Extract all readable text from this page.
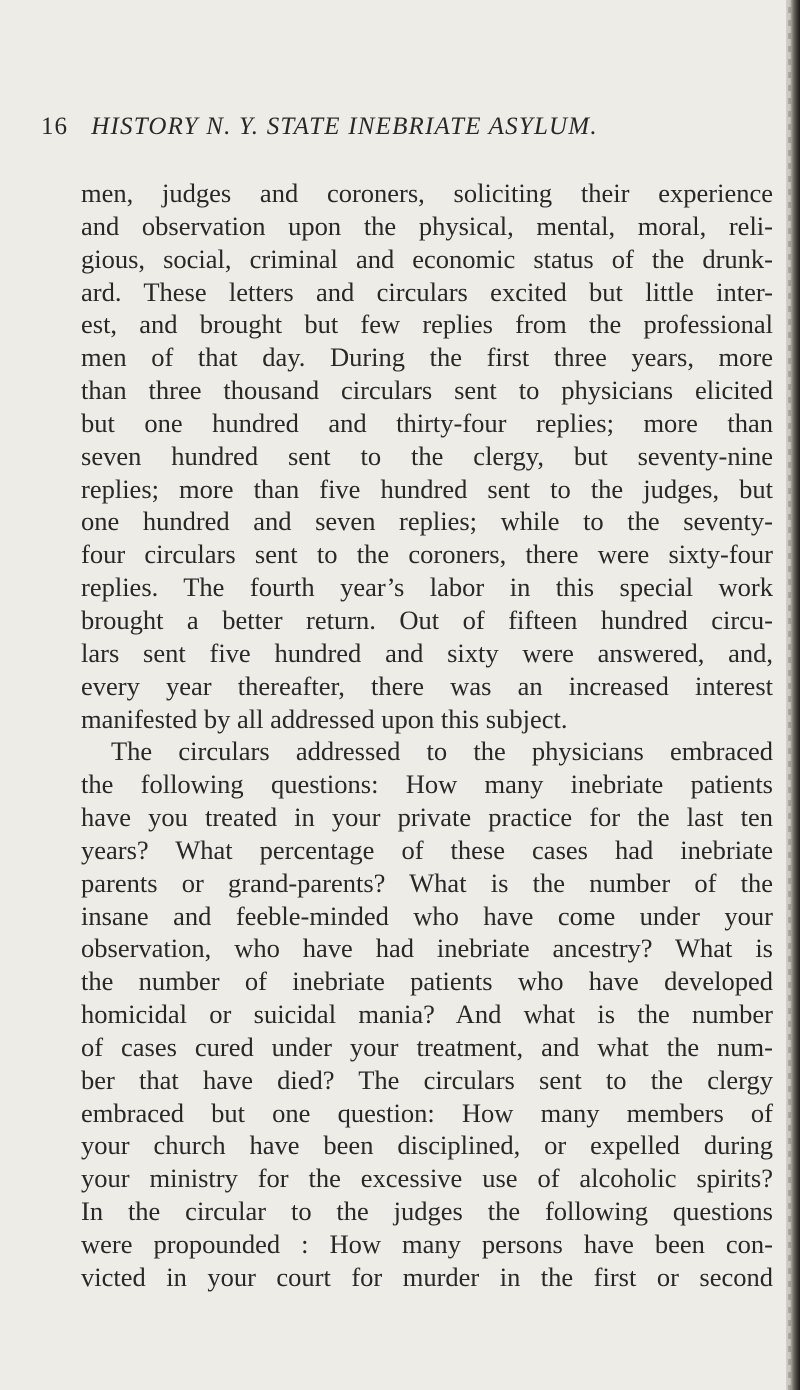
16 HISTORY N. Y. STATE INEBRIATE ASYLUM.
men, judges and coroners, soliciting their experience
and observation upon the physical, mental, moral, reli-
gious, social, criminal and economic status of the drunk-
ard. These letters and circulars excited but little inter-
est, and brought but few replies from the professional
men of that day. During the first three years, more
than three thousand circulars sent to physicians elicited
but one hundred and thirty-four replies; more than
seven hundred sent to the clergy, but seventy-nine
replies; more than five hundred sent to the judges, but
one hundred and seven replies; while to the seventy-
four circulars sent to the coroners, there were sixty-four
replies. The fourth year’s labor in this special work
brought a better return. Out of fifteen hundred circu-
lars sent five hundred and sixty were answered, and,
every year thereafter, there was an increased interest
manifested by all addressed upon this subject.
The circulars addressed to the physicians embraced
the following questions: How many inebriate patients
have you treated in your private practice for the last ten
years? What percentage of these cases had inebriate
parents or grand-parents? What is the number of the
insane and feeble-minded who have come under your
observation, who have had inebriate ancestry? What is
the number of inebriate patients who have developed
homicidal or suicidal mania? And what is the number
of cases cured under your treatment, and what the num-
ber that have died? The circulars sent to the clergy
embraced but one question: How many members of
your church have been disciplined, or expelled during
your ministry for the excessive use of alcoholic spirits?
In the circular to the judges the following questions
were propounded : How many persons have been con-
victed in your court for murder in the first or second
